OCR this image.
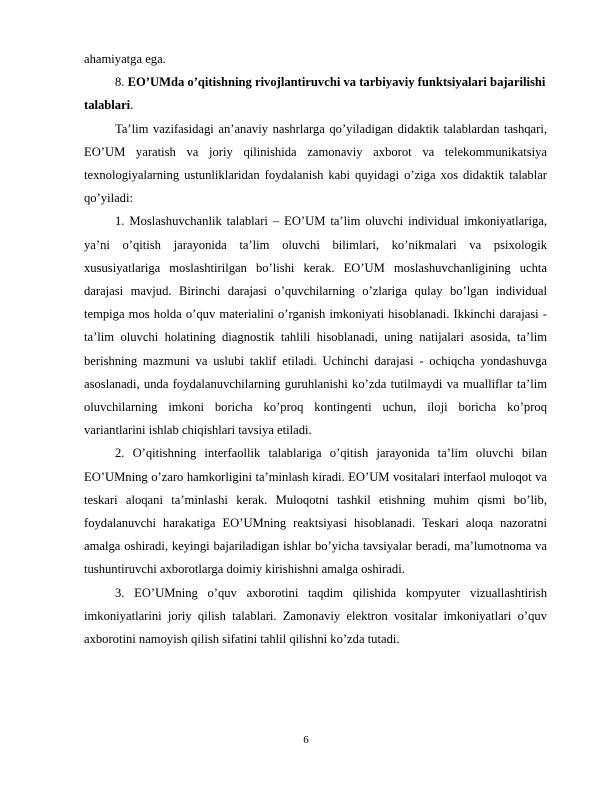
ahamiyatga ega.

8. EO’UMda o’qitishning rivojlantiruvchi va tarbiyaviy funktsiyalari bajarilishi talablari.

Ta’lim vazifasidagi an’anaviy nashrlarga qo’yiladigan didaktik talablardan tashqari, EO’UM yaratish va joriy qilinishida zamonaviy axborot va telekommunikatsiya texnologiyalarning ustunliklaridan foydalanish kabi quyidagi o’ziga xos didaktik talablar qo’yiladi:

1. Moslashuvchanlik talablari – EO’UM ta’lim oluvchi individual imkoniyatlariga, ya’ni o’qitish jarayonida ta’lim oluvchi bilimlari, ko’nikmalari va psixologik xususiyatlariga moslashtirilgan bo’lishi kerak. EO’UM moslashuvchanligining uchta darajasi mavjud. Birinchi darajasi o’quvchilarning o’zlariga qulay bo’lgan individual tempiga mos holda o’quv materialini o’rganish imkoniyati hisoblanadi. Ikkinchi darajasi - ta’lim oluvchi holatining diagnostik tahlili hisoblanadi, uning natijalari asosida, ta’lim berishning mazmuni va uslubi taklif etiladi. Uchinchi darajasi - ochiqcha yondashuvga asoslanadi, unda foydalanuvchilarning guruhlanishi ko’zda tutilmaydi va mualliflar ta’lim oluvchilarning imkoni boricha ko’proq kontingenti uchun, iloji boricha ko’proq variantlarini ishlab chiqishlari tavsiya etiladi.

2. O’qitishning interfaollik talablariga o’qitish jarayonida ta’lim oluvchi bilan EO’UMning o’zaro hamkorligini ta’minlash kiradi. EO’UM vositalari interfaol muloqot va teskari aloqani ta’minlashi kerak. Muloqotni tashkil etishning muhim qismi bo’lib, foydalanuvchi harakatiga EO’UMning reaktsiyasi hisoblanadi. Teskari aloqa nazoratni amalga oshiradi, keyingi bajariladigan ishlar bo’yicha tavsiyalar beradi, ma’lumotnoma va tushuntiruvchi axborotlarga doimiy kirishishni amalga oshiradi.

3. EO’UMning o’quv axborotini taqdim qilishida kompyuter vizuallashtirish imkoniyatlarini joriy qilish talablari. Zamonaviy elektron vositalar imkoniyatlari o’quv axborotini namoyish qilish sifatini tahlil qilishni ko’zda tutadi.

6
